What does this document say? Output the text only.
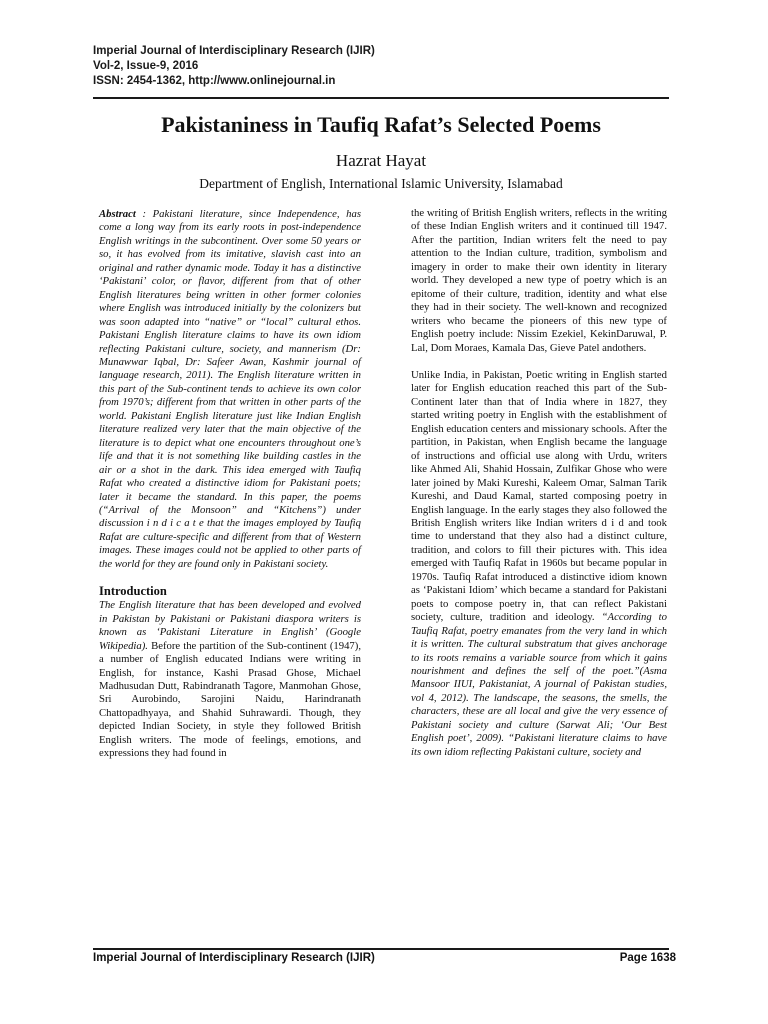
Imperial Journal of Interdisciplinary Research (IJIR)
Vol-2, Issue-9, 2016
ISSN: 2454-1362, http://www.onlinejournal.in
Pakistaniness in Taufiq Rafat’s Selected Poems
Hazrat Hayat
Department of English, International Islamic University, Islamabad

Abstract : Pakistani literature, since Independence, has come a long way from its early roots in post-independence English writings in the subcontinent. Over some 50 years or so, it has evolved from its imitative, slavish cast into an original and rather dynamic mode. Today it has a distinctive ‘Pakistani’ color, or flavor, different from that of other English literatures being written in other former colonies where English was introduced initially by the colonizers but was soon adapted into “native” or “local” cultural ethos. Pakistani English literature claims to have its own idiom reflecting Pakistani culture, society, and mannerism (Dr: Munawwar Iqbal, Dr: Safeer Awan, Kashmir journal of language research, 2011). The English literature written in this part of the Sub-continent tends to achieve its own color from 1970’s; different from that written in other parts of the world. Pakistani English literature just like Indian English literature realized very later that the main objective of the literature is to depict what one encounters throughout one’s life and that it is not something like building castles in the air or a shot in the dark. This idea emerged with Taufiq Rafat who created a distinctive idiom for Pakistani poets; later it became the standard. In this paper, the poems (“Arrival of the Monsoon” and “Kitchens”) under discussion i n d i c a t e that the images employed by Taufiq Rafat are culture-specific and different from that of Western images. These images could not be applied to other parts of the world for they are found only in Pakistani society.

Introduction

The English literature that has been developed and evolved in Pakistan by Pakistani or Pakistani diaspora writers is known as ‘Pakistani Literature in English’ (Google Wikipedia). Before the partition of the Sub-continent (1947), a number of English educated Indians were writing in English, for instance, Kashi Prasad Ghose, Michael Madhusudan Dutt, Rabindranath Tagore, Manmohan Ghose, Sri Aurobindo, Sarojini Naidu, Harindranath Chattopadhyaya, and Shahid Suhrawardi. Though, they depicted Indian Society, in style they followed British English writers. The mode of feelings, emotions, and expressions they had found in

the writing of British English writers, reflects in the writing of these Indian English writers and it continued till 1947. After the partition, Indian writers felt the need to pay attention to the Indian culture, tradition, symbolism and imagery in order to make their own identity in literary world. They developed a new type of poetry which is an epitome of their culture, tradition, identity and what else they had in their society. The well-known and recognized writers who became the pioneers of this new type of English poetry include: Nissim Ezekiel, KekinDaruwal, P. Lal, Dom Moraes, Kamala Das, Gieve Patel andothers.

Unlike India, in Pakistan, Poetic writing in English started later for English education reached this part of the Sub-Continent later than that of India where in 1827, they started writing poetry in English with the establishment of English education centers and missionary schools. After the partition, in Pakistan, when English became the language of instructions and official use along with Urdu, writers like Ahmed Ali, Shahid Hossain, Zulfikar Ghose who were later joined by Maki Kureshi, Kaleem Omar, Salman Tarik Kureshi, and Daud Kamal, started composing poetry in English language. In the early stages they also followed the British English writers like Indian writers d i d and took time to understand that they also had a distinct culture, tradition, and colors to fill their pictures with. This idea emerged with Taufiq Rafat in 1960s but became popular in 1970s. Taufiq Rafat introduced a distinctive idiom known as ‘Pakistani Idiom’ which became a standard for Pakistani poets to compose poetry in, that can reflect Pakistani society, culture, tradition and ideology. “According to Taufiq Rafat, poetry emanates from the very land in which it is written. The cultural substratum that gives anchorage to its roots remains a variable source from which it gains nourishment and defines the self of the poet.”(Asma Mansoor IIUI, Pakistaniat, A journal of Pakistan studies, vol 4, 2012). The landscape, the seasons, the smells, the characters, these are all local and give the very essence of Pakistani society and culture (Sarwat Ali; ‘Our Best English poet’, 2009). “Pakistani literature claims to have its own idiom reflecting Pakistani culture, society and

Imperial Journal of Interdisciplinary Research (IJIR)	Page 1638
